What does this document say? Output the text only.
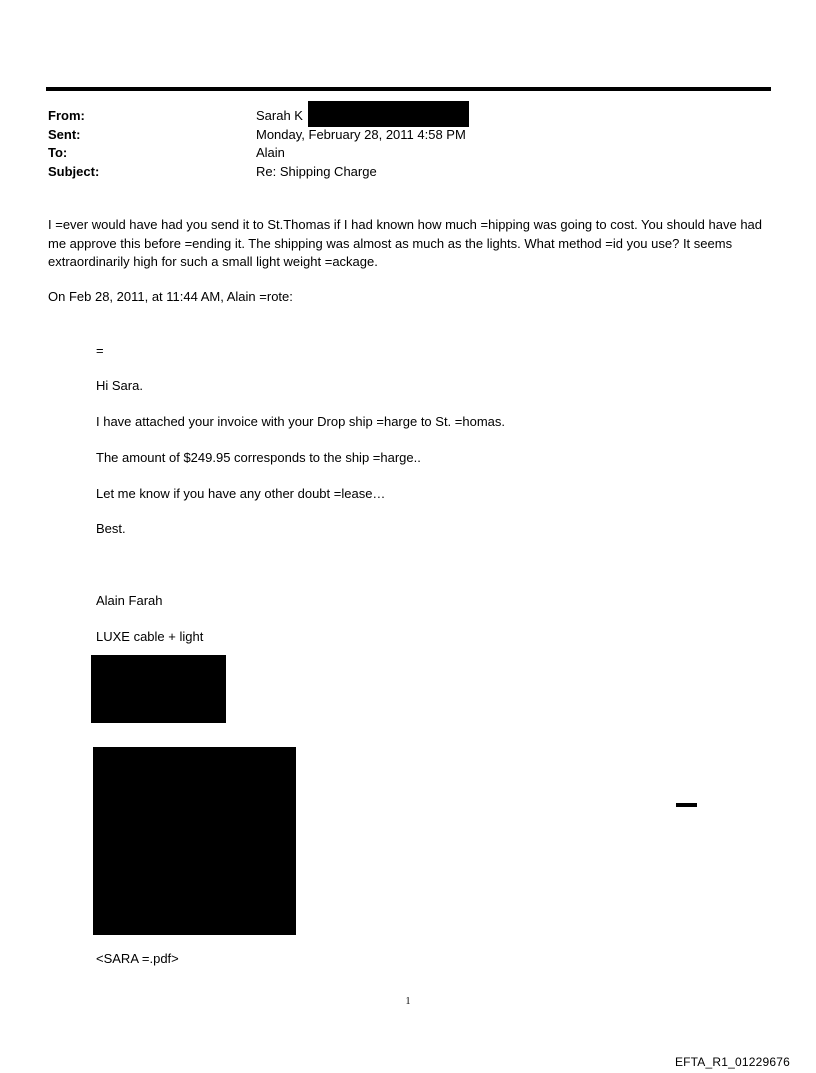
From:	Sarah K
Sent:	Monday, February 28, 2011 4:58 PM
To:	Alain
Subject:	Re: Shipping Charge
I =ever would have had you send it to St.Thomas if I had known how much =hipping was going to cost. You should have had me approve this before =ending it. The shipping was almost as much as the lights. What method =id you use? It seems extraordinarily high for such a small light weight =ackage.
On Feb 28, 2011, at 11:44 AM, Alain =rote:
=
Hi Sara.
I have attached your invoice with your Drop ship =harge to St. =homas.
The amount of $249.95 corresponds to the ship =harge..
Let me know if you have any other doubt =lease…
Best.
Alain Farah
LUXE cable + light
<SARA =.pdf>
1
EFTA_R1_01229676
